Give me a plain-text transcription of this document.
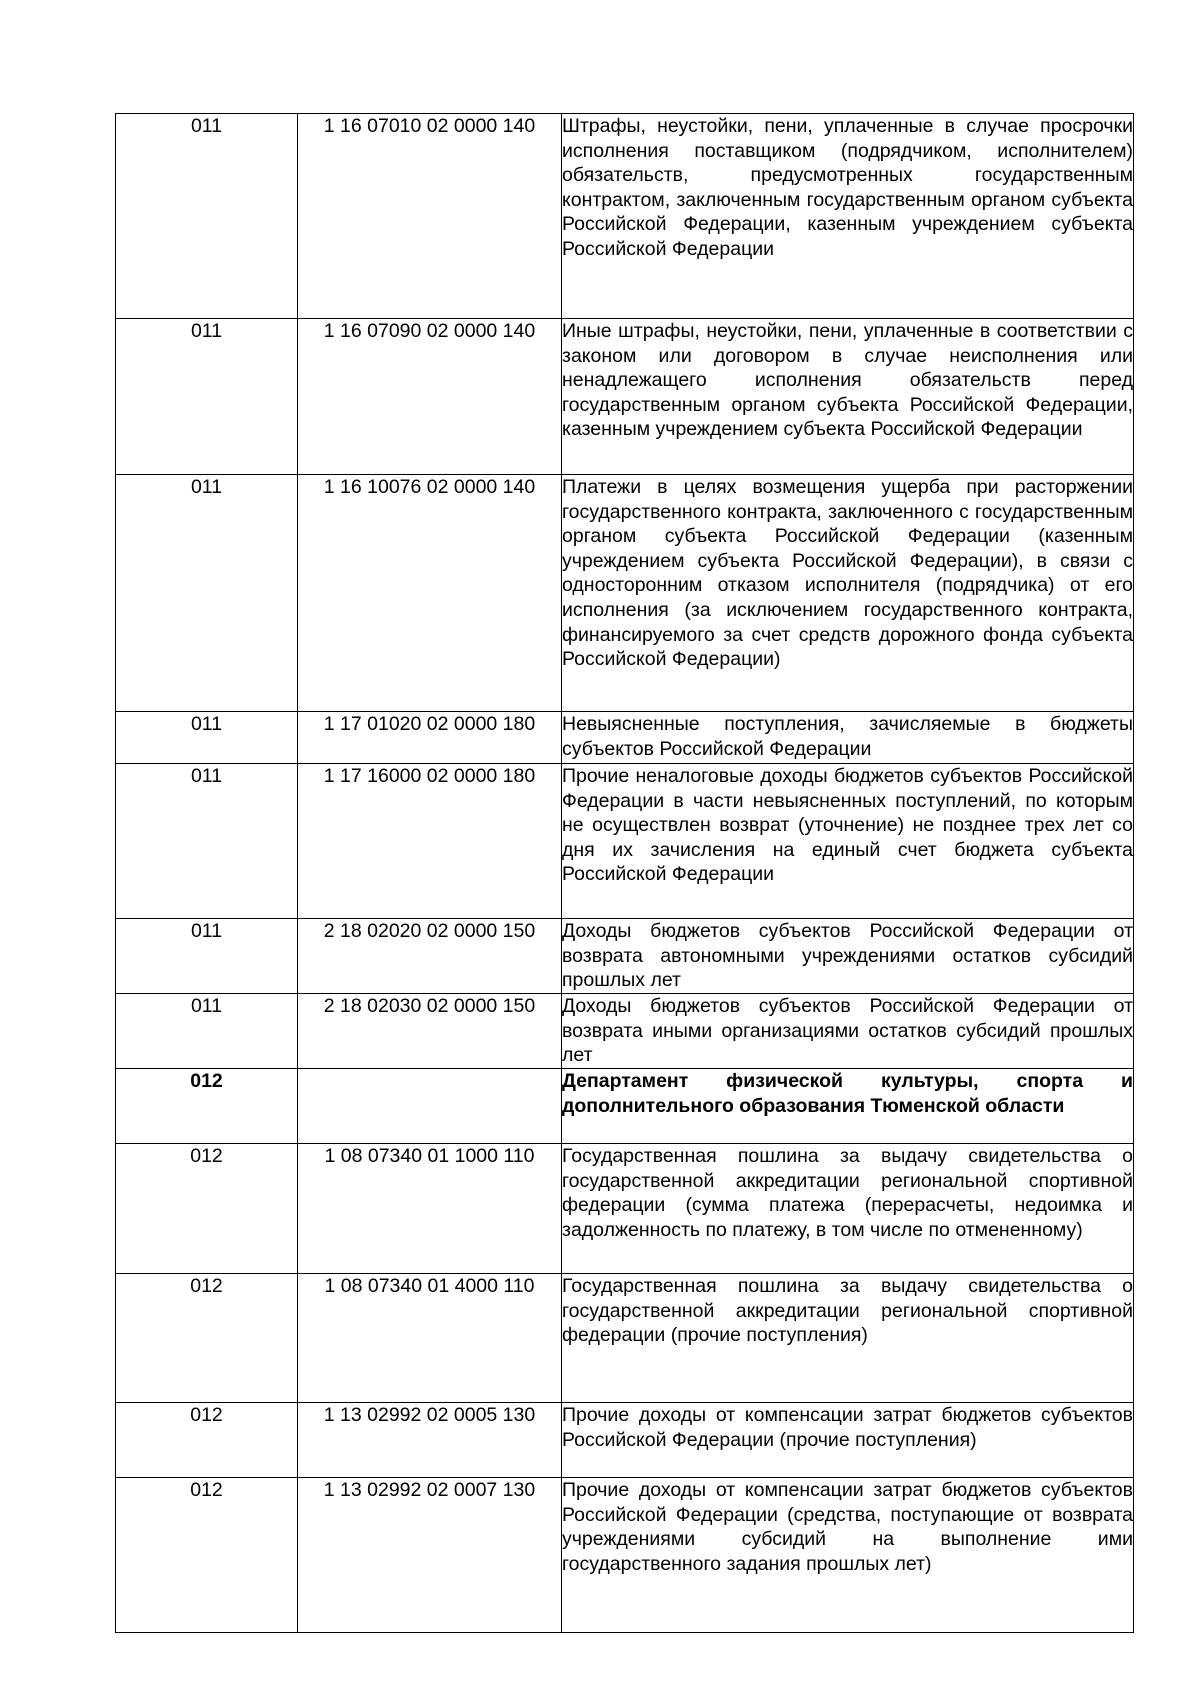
011	1 16 07010 02 0000 140	Штрафы, неустойки, пени, уплаченные в случае просрочки исполнения поставщиком (подрядчиком, исполнителем) обязательств, предусмотренных государственным контрактом, заключенным государственным органом субъекта Российской Федерации, казенным учреждением субъекта Российской Федерации
011	1 16 07090 02 0000 140	Иные штрафы, неустойки, пени, уплаченные в соответствии с законом или договором в случае неисполнения или ненадлежащего исполнения обязательств перед государственным органом субъекта Российской Федерации, казенным учреждением субъекта Российской Федерации
011	1 16 10076 02 0000 140	Платежи в целях возмещения ущерба при расторжении государственного контракта, заключенного с государственным органом субъекта Российской Федерации (казенным учреждением субъекта Российской Федерации), в связи с односторонним отказом исполнителя (подрядчика) от его исполнения (за исключением государственного контракта, финансируемого за счет средств дорожного фонда субъекта Российской Федерации)
011	1 17 01020 02 0000 180	Невыясненные поступления, зачисляемые в бюджеты субъектов Российской Федерации
011	1 17 16000 02 0000 180	Прочие неналоговые доходы бюджетов субъектов Российской Федерации в части невыясненных поступлений, по которым не осуществлен возврат (уточнение) не позднее трех лет со дня их зачисления на единый счет бюджета субъекта Российской Федерации
011	2 18 02020 02 0000 150	Доходы бюджетов субъектов Российской Федерации от возврата автономными учреждениями остатков субсидий прошлых лет
011	2 18 02030 02 0000 150	Доходы бюджетов субъектов Российской Федерации от возврата иными организациями остатков субсидий прошлых лет
012		Департамент физической культуры, спорта и дополнительного образования Тюменской области
012	1 08 07340 01 1000 110	Государственная пошлина за выдачу свидетельства о государственной аккредитации региональной спортивной федерации (сумма платежа (перерасчеты, недоимка и задолженность по платежу, в том числе по отмененному)
012	1 08 07340 01 4000 110	Государственная пошлина за выдачу свидетельства о государственной аккредитации региональной спортивной федерации (прочие поступления)
012	1 13 02992 02 0005 130	Прочие доходы от компенсации затрат бюджетов субъектов Российской Федерации (прочие поступления)
012	1 13 02992 02 0007 130	Прочие доходы от компенсации затрат бюджетов субъектов Российской Федерации (средства, поступающие от возврата учреждениями субсидий на выполнение ими государственного задания прошлых лет)
